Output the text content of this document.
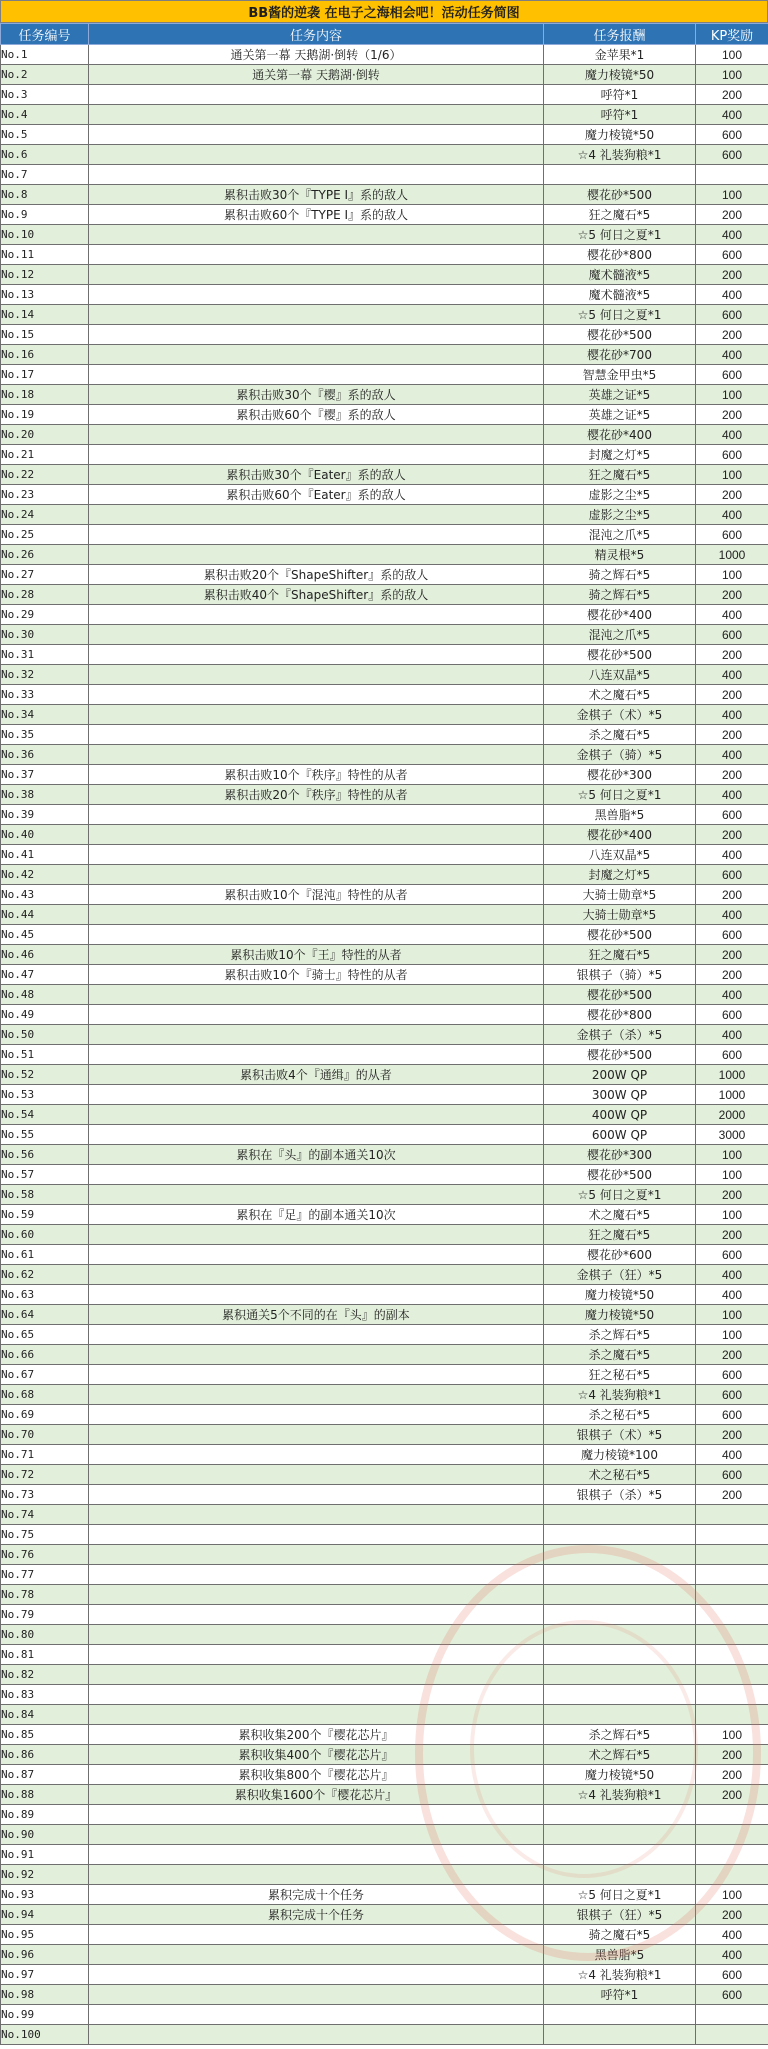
BB酱的逆袭 在电子之海相会吧！活动任务简图
任务编号	任务内容	任务报酬	KP奖励
No.1	通关第一幕 天鹅湖·倒转（1/6）	金苹果*1	100
No.2	通关第一幕 天鹅湖·倒转	魔力棱镜*50	100
No.3		呼符*1	200
No.4		呼符*1	400
No.5		魔力棱镜*50	600
No.6		☆4 礼装狗粮*1	600
No.7			
No.8	累积击败30个『TYPE I』系的敌人	樱花砂*500	100
No.9	累积击败60个『TYPE I』系的敌人	狂之魔石*5	200
No.10		☆5 何日之夏*1	400
No.11		樱花砂*800	600
No.12		魔术髓液*5	200
No.13		魔术髓液*5	400
No.14		☆5 何日之夏*1	600
No.15		樱花砂*500	200
No.16		樱花砂*700	400
No.17		智慧金甲虫*5	600
No.18	累积击败30个『樱』系的敌人	英雄之证*5	100
No.19	累积击败60个『樱』系的敌人	英雄之证*5	200
No.20		樱花砂*400	400
No.21		封魔之灯*5	600
No.22	累积击败30个『Eater』系的敌人	狂之魔石*5	100
No.23	累积击败60个『Eater』系的敌人	虚影之尘*5	200
No.24		虚影之尘*5	400
No.25		混沌之爪*5	600
No.26		精灵根*5	1000
No.27	累积击败20个『ShapeShifter』系的敌人	骑之辉石*5	100
No.28	累积击败40个『ShapeShifter』系的敌人	骑之辉石*5	200
No.29		樱花砂*400	400
No.30		混沌之爪*5	600
No.31		樱花砂*500	200
No.32		八连双晶*5	400
No.33		术之魔石*5	200
No.34		金棋子（术）*5	400
No.35		杀之魔石*5	200
No.36		金棋子（骑）*5	400
No.37	累积击败10个『秩序』特性的从者	樱花砂*300	200
No.38	累积击败20个『秩序』特性的从者	☆5 何日之夏*1	400
No.39		黑兽脂*5	600
No.40		樱花砂*400	200
No.41		八连双晶*5	400
No.42		封魔之灯*5	600
No.43	累积击败10个『混沌』特性的从者	大骑士勋章*5	200
No.44		大骑士勋章*5	400
No.45		樱花砂*500	600
No.46	累积击败10个『王』特性的从者	狂之魔石*5	200
No.47	累积击败10个『骑士』特性的从者	银棋子（骑）*5	200
No.48		樱花砂*500	400
No.49		樱花砂*800	600
No.50		金棋子（杀）*5	400
No.51		樱花砂*500	600
No.52	累积击败4个『通缉』的从者	200W QP	1000
No.53		300W QP	1000
No.54		400W QP	2000
No.55		600W QP	3000
No.56	累积在『头』的副本通关10次	樱花砂*300	100
No.57		樱花砂*500	100
No.58		☆5 何日之夏*1	200
No.59	累积在『足』的副本通关10次	术之魔石*5	100
No.60		狂之魔石*5	200
No.61		樱花砂*600	600
No.62		金棋子（狂）*5	400
No.63		魔力棱镜*50	400
No.64	累积通关5个不同的在『头』的副本	魔力棱镜*50	100
No.65		杀之辉石*5	100
No.66		杀之魔石*5	200
No.67		狂之秘石*5	600
No.68		☆4 礼装狗粮*1	600
No.69		杀之秘石*5	600
No.70		银棋子（术）*5	200
No.71		魔力棱镜*100	400
No.72		术之秘石*5	600
No.73		银棋子（杀）*5	200
No.74			
No.75			
No.76			
No.77			
No.78			
No.79			
No.80			
No.81			
No.82			
No.83			
No.84			
No.85	累积收集200个『樱花芯片』	杀之辉石*5	100
No.86	累积收集400个『樱花芯片』	术之辉石*5	200
No.87	累积收集800个『樱花芯片』	魔力棱镜*50	200
No.88	累积收集1600个『樱花芯片』	☆4 礼装狗粮*1	200
No.89			
No.90			
No.91			
No.92			
No.93	累积完成十个任务	☆5 何日之夏*1	100
No.94	累积完成十个任务	银棋子（狂）*5	200
No.95		骑之魔石*5	400
No.96		黑兽脂*5	400
No.97		☆4 礼装狗粮*1	600
No.98		呼符*1	600
No.99			
No.100			
